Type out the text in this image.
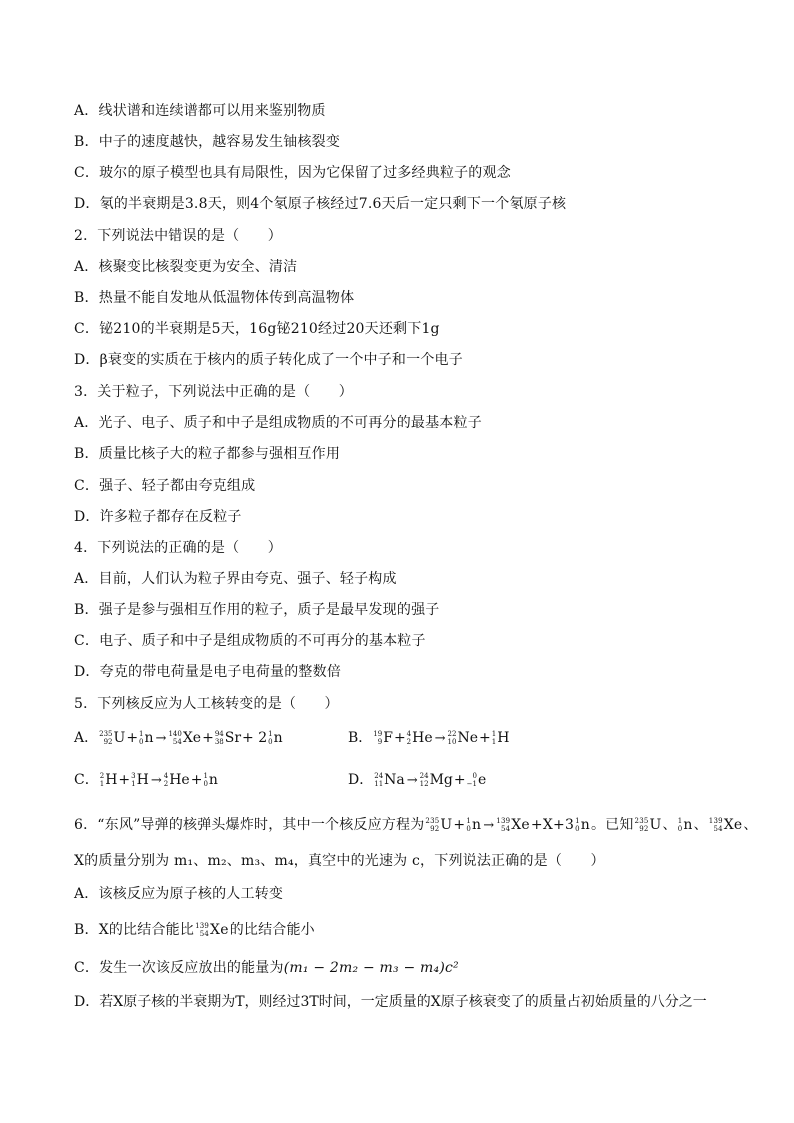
A．线状谱和连续谱都可以用来鉴别物质
B．中子的速度越快，越容易发生铀核裂变
C．玻尔的原子模型也具有局限性，因为它保留了过多经典粒子的观念
D．氡的半衰期是3.8天，则4个氡原子核经过7.6天后一定只剩下一个氡原子核
2．下列说法中错误的是（　　）
A．核聚变比核裂变更为安全、清洁
B．热量不能自发地从低温物体传到高温物体
C．铋210的半衰期是5天，16g铋210经过20天还剩下1g
D．β衰变的实质在于核内的质子转化成了一个中子和一个电子
3．关于粒子，下列说法中正确的是（　　）
A．光子、电子、质子和中子是组成物质的不可再分的最基本粒子
B．质量比核子大的粒子都参与强相互作用
C．强子、轻子都由夸克组成
D．许多粒子都存在反粒子
4．下列说法的正确的是（　　）
A．目前，人们认为粒子界由夸克、强子、轻子构成
B．强子是参与强相互作用的粒子，质子是最早发现的强子
C．电子、质子和中子是组成物质的不可再分的基本粒子
D．夸克的带电荷量是电子电荷量的整数倍
5．下列核反应为人工核转变的是（　　）
A． 235
92 U+ 1
0 n → 140
54 Xe+ 94
38 Sr+ 2 1
0 n	B． 19
9 F+ 4
2 He → 22
10 Ne+ 1
1 H
C． 2
1 H+ 3
1 H → 4
2 He+ 1
0 n	D． 24
11 Na → 24
12 Mg+ 0
−1 e
6．“东风”导弹的核弹头爆炸时，其中一个核反应方程为 235
92 U+ 1
0 n → 139
54 Xe+X+3 1
0 n。已知 235
92 U、 1
0 n、 139
54 Xe、
X的质量分别为 m₁、m₂、m₃、m₄，真空中的光速为 c，下列说法正确的是（　　）
A．该核反应为原子核的人工转变
B．X的比结合能比 139
54 Xe的比结合能小
C．发生一次该反应放出的能量为(m₁ − 2m₂ − m₃ − m₄)c²
D．若X原子核的半衰期为T，则经过3T时间，一定质量的X原子核衰变了的质量占初始质量的八分之一
